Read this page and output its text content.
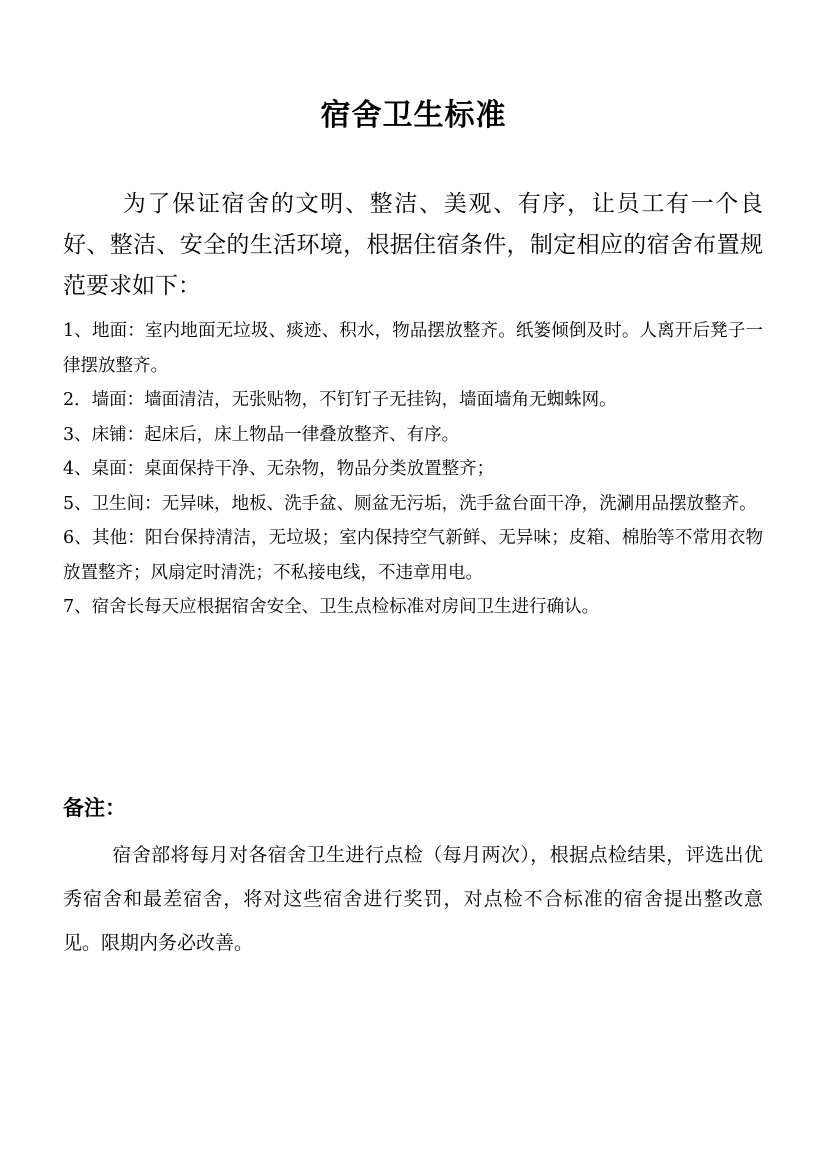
宿舍卫生标准

为了保证宿舍的文明、整洁、美观、有序，让员工有一个良好、整洁、安全的生活环境，根据住宿条件，制定相应的宿舍布置规范要求如下：

1、地面：室内地面无垃圾、痰迹、积水，物品摆放整齐。纸篓倾倒及时。人离开后凳子一律摆放整齐。
2．墙面：墙面清洁，无张贴物，不钉钉子无挂钩，墙面墙角无蜘蛛网。
3、床铺：起床后，床上物品一律叠放整齐、有序。
4、桌面：桌面保持干净、无杂物，物品分类放置整齐；
5、卫生间：无异味，地板、洗手盆、厕盆无污垢，洗手盆台面干净，洗涮用品摆放整齐。
6、其他：阳台保持清洁，无垃圾；室内保持空气新鲜、无异味；皮箱、棉胎等不常用衣物放置整齐；风扇定时清洗；不私接电线，不违章用电。
7、宿舍长每天应根据宿舍安全、卫生点检标准对房间卫生进行确认。
备注：

宿舍部将每月对各宿舍卫生进行点检（每月两次），根据点检结果，评选出优秀宿舍和最差宿舍，将对这些宿舍进行奖罚，对点检不合标准的宿舍提出整改意见。限期内务必改善。
